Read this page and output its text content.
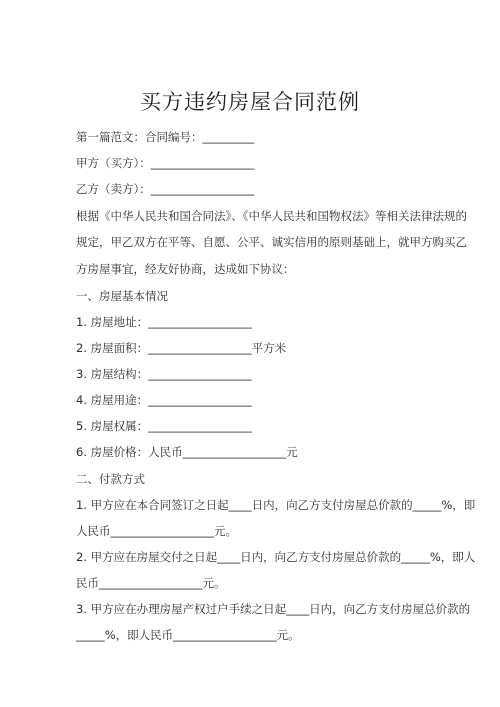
买方违约房屋合同范例
第一篇范文：合同编号：_________
甲方（买方）：__________________
乙方（卖方）：__________________
根据《中华人民共和国合同法》、《中华人民共和国物权法》等相关法律法规的
规定，甲乙双方在平等、自愿、公平、诚实信用的原则基础上，就甲方购买乙
方房屋事宜，经友好协商，达成如下协议：
一、房屋基本情况
1. 房屋地址：__________________
2. 房屋面积：__________________平方米
3. 房屋结构：__________________
4. 房屋用途：__________________
5. 房屋权属：__________________
6. 房屋价格：人民币__________________元
二、付款方式
1. 甲方应在本合同签订之日起____日内，向乙方支付房屋总价款的_____%，即
人民币__________________元。
2. 甲方应在房屋交付之日起____日内，向乙方支付房屋总价款的_____%，即人
民币__________________元。
3. 甲方应在办理房屋产权过户手续之日起____日内，向乙方支付房屋总价款的
_____%，即人民币__________________元。
